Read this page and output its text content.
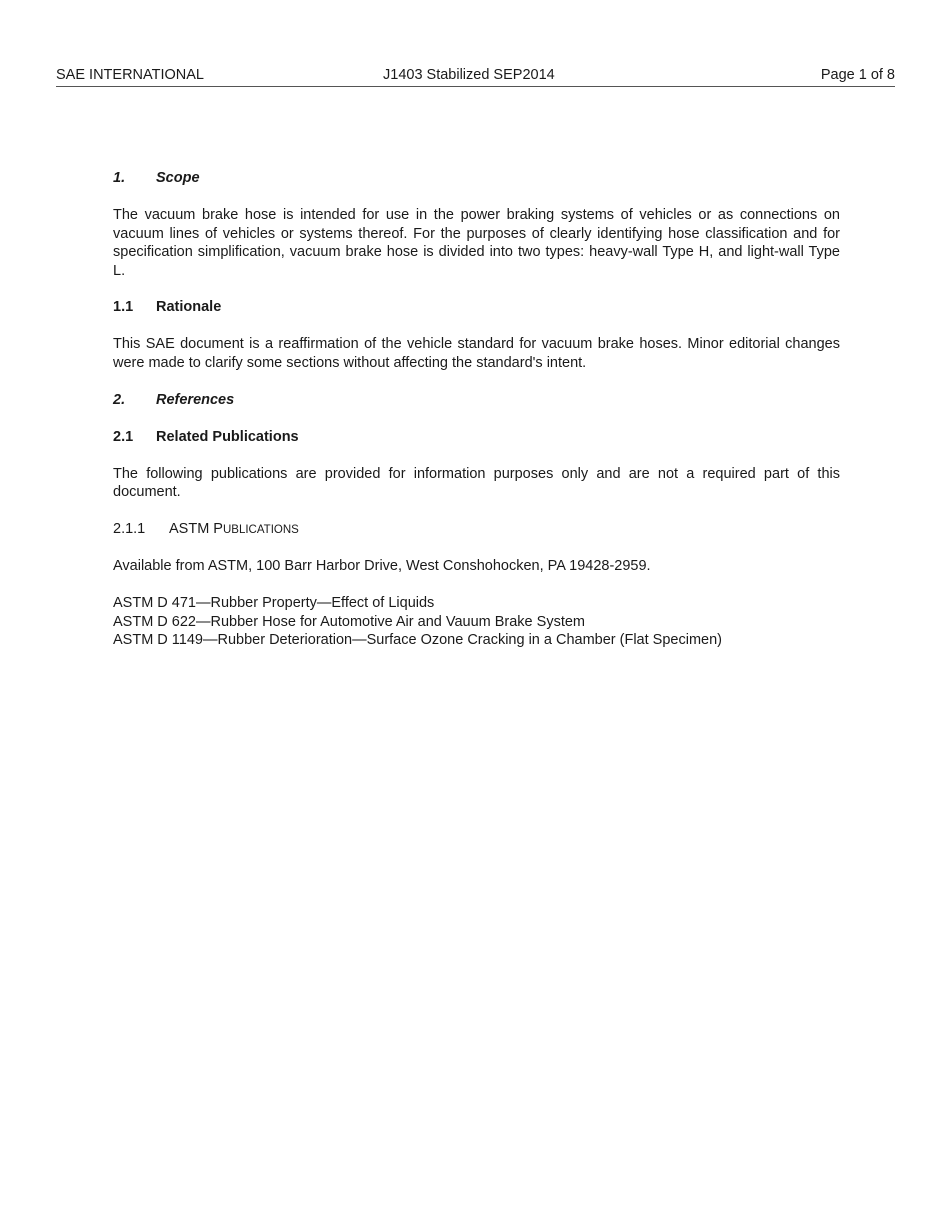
SAE INTERNATIONAL	J1403 Stabilized SEP2014	Page 1 of 8

1. Scope

The vacuum brake hose is intended for use in the power braking systems of vehicles or as connections on vacuum lines of vehicles or systems thereof. For the purposes of clearly identifying hose classification and for specification simplification, vacuum brake hose is divided into two types: heavy-wall Type H, and light-wall Type L.

1.1 Rationale

This SAE document is a reaffirmation of the vehicle standard for vacuum brake hoses. Minor editorial changes were made to clarify some sections without affecting the standard's intent.

2. References

2.1 Related Publications

The following publications are provided for information purposes only and are not a required part of this document.

2.1.1 ASTM PUBLICATIONS

Available from ASTM, 100 Barr Harbor Drive, West Conshohocken, PA 19428-2959.

ASTM D 471—Rubber Property—Effect of Liquids

ASTM D 622—Rubber Hose for Automotive Air and Vauum Brake System

ASTM D 1149—Rubber Deterioration—Surface Ozone Cracking in a Chamber (Flat Specimen)
